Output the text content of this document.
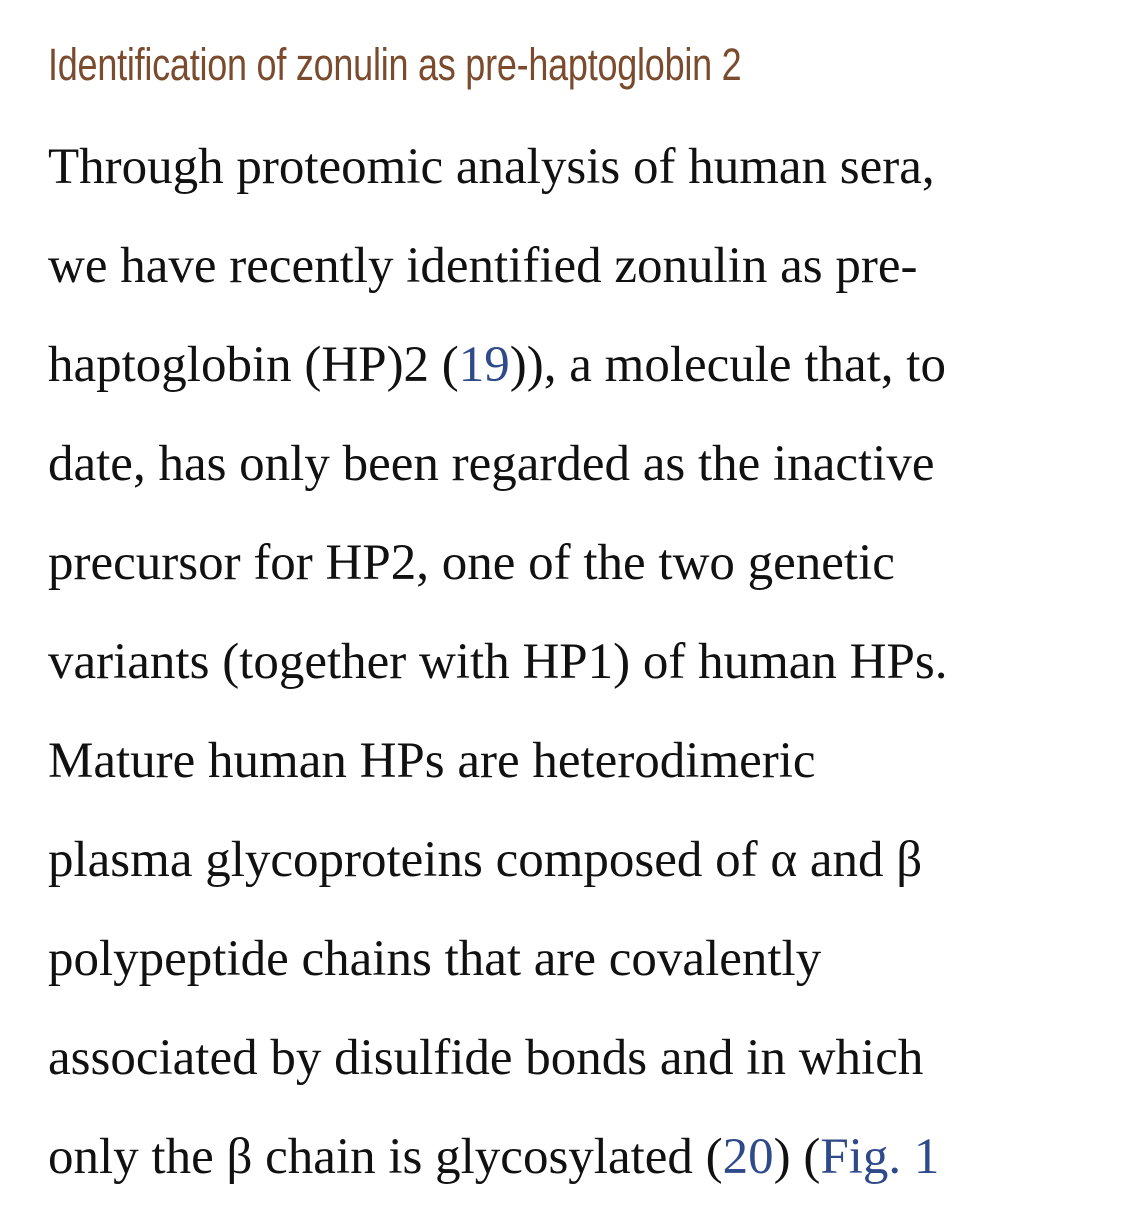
Identification of zonulin as pre-haptoglobin 2
Through proteomic analysis of human sera,
we have recently identified zonulin as pre-
haptoglobin (HP)2 (19)), a molecule that, to
date, has only been regarded as the inactive
precursor for HP2, one of the two genetic
variants (together with HP1) of human HPs.
Mature human HPs are heterodimeric
plasma glycoproteins composed of α and β
polypeptide chains that are covalently
associated by disulfide bonds and in which
only the β chain is glycosylated (20) (Fig. 1
